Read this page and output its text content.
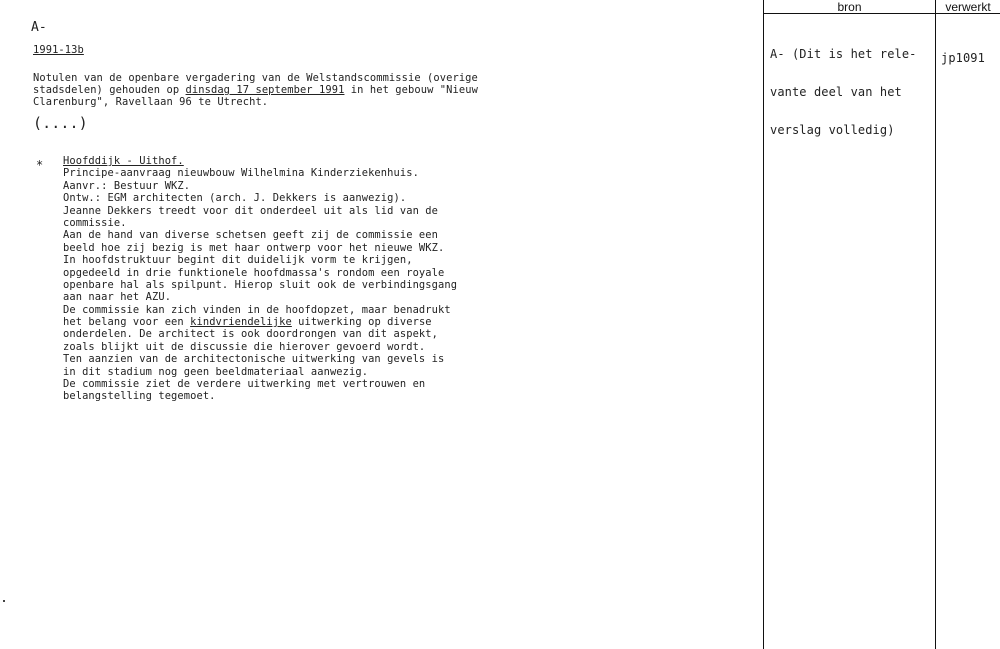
A-
1991-13b
Notulen van de openbare vergadering van de Welstandscommissie (overige
stadsdelen) gehouden op dinsdag 17 september 1991 in het gebouw "Nieuw
Clarenburg", Ravellaan 96 te Utrecht.
(....)
* Hoofddijk - Uithof.
Principe-aanvraag nieuwbouw Wilhelmina Kinderziekenhuis.
Aanvr.: Bestuur WKZ.
Ontw.: EGM architecten (arch. J. Dekkers is aanwezig).
Jeanne Dekkers treedt voor dit onderdeel uit als lid van de
commissie.
Aan de hand van diverse schetsen geeft zij de commissie een
beeld hoe zij bezig is met haar ontwerp voor het nieuwe WKZ.
In hoofdstruktuur begint dit duidelijk vorm te krijgen,
opgedeeld in drie funktionele hoofdmassa's rondom een royale
openbare hal als spilpunt. Hierop sluit ook de verbindingsgang
aan naar het AZU.
De commissie kan zich vinden in de hoofdopzet, maar benadrukt
het belang voor een kindvriendelijke uitwerking op diverse
onderdelen. De architect is ook doordrongen van dit aspekt,
zoals blijkt uit de discussie die hierover gevoerd wordt.
Ten aanzien van de architectonische uitwerking van gevels is
in dit stadium nog geen beeldmateriaal aanwezig.
De commissie ziet de verdere uitwerking met vertrouwen en
belangstelling tegemoet.
bron	verwerkt

A- (Dit is het rele-

vante deel van het

verslag volledig)

jp1091
